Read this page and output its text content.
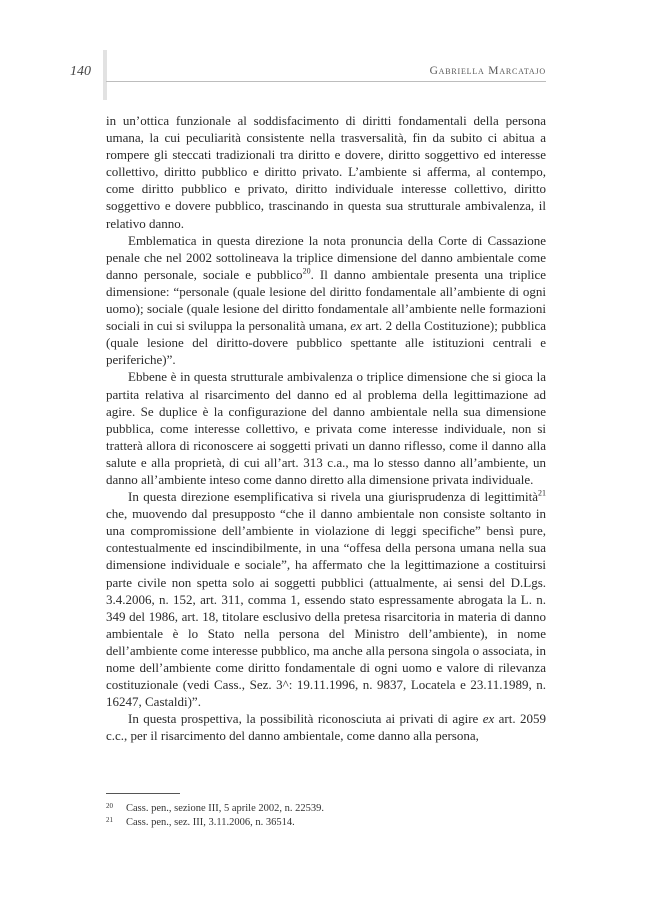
140	Gabriella Marcatajo

in un’ottica funzionale al soddisfacimento di diritti fondamentali della persona umana, la cui peculiarità consistente nella trasversalità, fin da subito ci abitua a rompere gli steccati tradizionali tra diritto e dovere, diritto soggettivo ed interesse collettivo, diritto pubblico e diritto privato. L’ambiente si afferma, al contempo, come diritto pubblico e privato, diritto individuale interesse collettivo, diritto soggettivo e dovere pubblico, trascinando in questa sua strutturale ambivalenza, il relativo danno.

Emblematica in questa direzione la nota pronuncia della Corte di Cassazione penale che nel 2002 sottolineava la triplice dimensione del danno ambientale come danno personale, sociale e pubblico$^{20}$. Il danno ambientale presenta una triplice dimensione: “personale (quale lesione del diritto fondamentale all’ambiente di ogni uomo); sociale (quale lesione del diritto fondamentale all’ambiente nelle formazioni sociali in cui si sviluppa la personalità umana, ex art. 2 della Costituzione); pubblica (quale lesione del diritto-dovere pubblico spettante alle istituzioni centrali e periferiche)”.

Ebbene è in questa strutturale ambivalenza o triplice dimensione che si gioca la partita relativa al risarcimento del danno ed al problema della legittimazione ad agire. Se duplice è la configurazione del danno ambientale nella sua dimensione pubblica, come interesse collettivo, e privata come interesse individuale, non si tratterà allora di riconoscere ai soggetti privati un danno riflesso, come il danno alla salute e alla proprietà, di cui all’art. 313 c.a., ma lo stesso danno all’ambiente, un danno all’ambiente inteso come danno diretto alla dimensione privata individuale.

In questa direzione esemplificativa si rivela una giurisprudenza di legittimità$^{21}$ che, muovendo dal presupposto “che il danno ambientale non consiste soltanto in una compromissione dell’ambiente in violazione di leggi specifiche” bensì pure, contestualmente ed inscindibilmente, in una “offesa della persona umana nella sua dimensione individuale e sociale”, ha affermato che la legittimazione a costituirsi parte civile non spetta solo ai soggetti pubblici (attualmente, ai sensi del D.Lgs. 3.4.2006, n. 152, art. 311, comma 1, essendo stato espressamente abrogata la L. n. 349 del 1986, art. 18, titolare esclusivo della pretesa risarcitoria in materia di danno ambientale è lo Stato nella persona del Ministro dell’ambiente), in nome dell’ambiente come interesse pubblico, ma anche alla persona singola o associata, in nome dell’ambiente come diritto fondamentale di ogni uomo e valore di rilevanza costituzionale (vedi Cass., Sez. 3^: 19.11.1996, n. 9837, Locatela e 23.11.1989, n. 16247, Castaldi)”.

In questa prospettiva, la possibilità riconosciuta ai privati di agire ex art. 2059 c.c., per il risarcimento del danno ambientale, come danno alla persona,

20	Cass. pen., sezione III, 5 aprile 2002, n. 22539.
21	Cass. pen., sez. III, 3.11.2006, n. 36514.
